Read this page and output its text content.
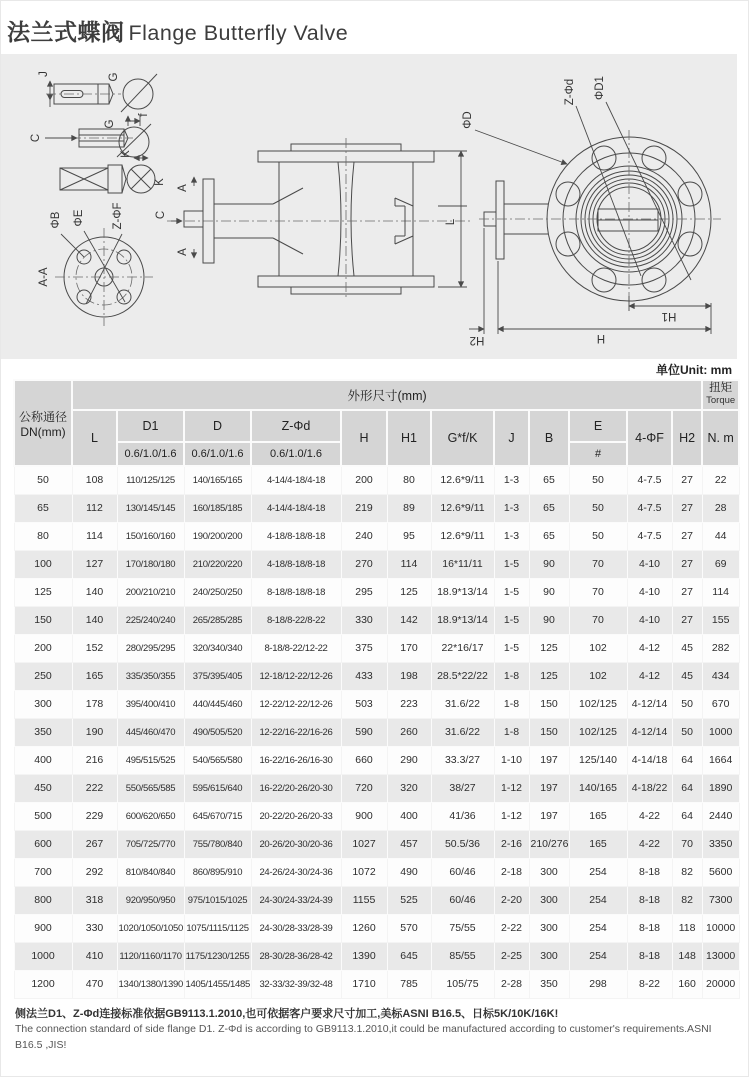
法兰式蝶阀 Flange Butterfly Valve
J	G
C
G
f
K
K
A-A
ΦB ΦE Z-ΦF
A
A
C
L
ΦD
Z-Φd ΦD1
H1
H
H2
单位Unit: mm
公称通径
DN(mm)	外形尺寸(mm)												扭矩
Torque

	L	D1	D	Z-Φd	H	H1	G*f/K	J	B	E	4-ΦF	H2	N. m
		0.6/1.0/1.6	0.6/1.0/1.6	0.6/1.0/1.6						#			
50	108	110/125/125	140/165/165	4-14/4-18/4-18	200	80	12.6*9/11	1-3	65	50	4-7.5	27	22
65	112	130/145/145	160/185/185	4-14/4-18/4-18	219	89	12.6*9/11	1-3	65	50	4-7.5	27	28
80	114	150/160/160	190/200/200	4-18/8-18/8-18	240	95	12.6*9/11	1-3	65	50	4-7.5	27	44
100	127	170/180/180	210/220/220	4-18/8-18/8-18	270	114	16*11/11	1-5	90	70	4-10	27	69
125	140	200/210/210	240/250/250	8-18/8-18/8-18	295	125	18.9*13/14	1-5	90	70	4-10	27	114
150	140	225/240/240	265/285/285	8-18/8-22/8-22	330	142	18.9*13/14	1-5	90	70	4-10	27	155
200	152	280/295/295	320/340/340	8-18/8-22/12-22	375	170	22*16/17	1-5	125	102	4-12	45	282
250	165	335/350/355	375/395/405	12-18/12-22/12-26	433	198	28.5*22/22	1-8	125	102	4-12	45	434
300	178	395/400/410	440/445/460	12-22/12-22/12-26	503	223	31.6/22	1-8	150	102/125	4-12/14	50	670
350	190	445/460/470	490/505/520	12-22/16-22/16-26	590	260	31.6/22	1-8	150	102/125	4-12/14	50	1000
400	216	495/515/525	540/565/580	16-22/16-26/16-30	660	290	33.3/27	1-10	197	125/140	4-14/18	64	1664
450	222	550/565/585	595/615/640	16-22/20-26/20-30	720	320	38/27	1-12	197	140/165	4-18/22	64	1890
500	229	600/620/650	645/670/715	20-22/20-26/20-33	900	400	41/36	1-12	197	165	4-22	64	2440
600	267	705/725/770	755/780/840	20-26/20-30/20-36	1027	457	50.5/36	2-16	210/276	165	4-22	70	3350
700	292	810/840/840	860/895/910	24-26/24-30/24-36	1072	490	60/46	2-18	300	254	8-18	82	5600
800	318	920/950/950	975/1015/1025	24-30/24-33/24-39	1155	525	60/46	2-20	300	254	8-18	82	7300
900	330	1020/1050/1050	1075/1115/1125	24-30/28-33/28-39	1260	570	75/55	2-22	300	254	8-18	118	10000
1000	410	1120/1160/1170	1175/1230/1255	28-30/28-36/28-42	1390	645	85/55	2-25	300	254	8-18	148	13000
1200	470	1340/1380/1390	1405/1455/1485	32-33/32-39/32-48	1710	785	105/75	2-28	350	298	8-22	160	20000
侧法兰D1、Z-Φd连接标准依据GB9113.1.2010,也可依据客户要求尺寸加工,美标ASNI B16.5、日标5K/10K/16K!
The connection standard of side flange D1. Z-Φd is according to GB9113.1.2010,it could be manufactured according to customer's requirements.ASNI B16.5 ,JIS!
